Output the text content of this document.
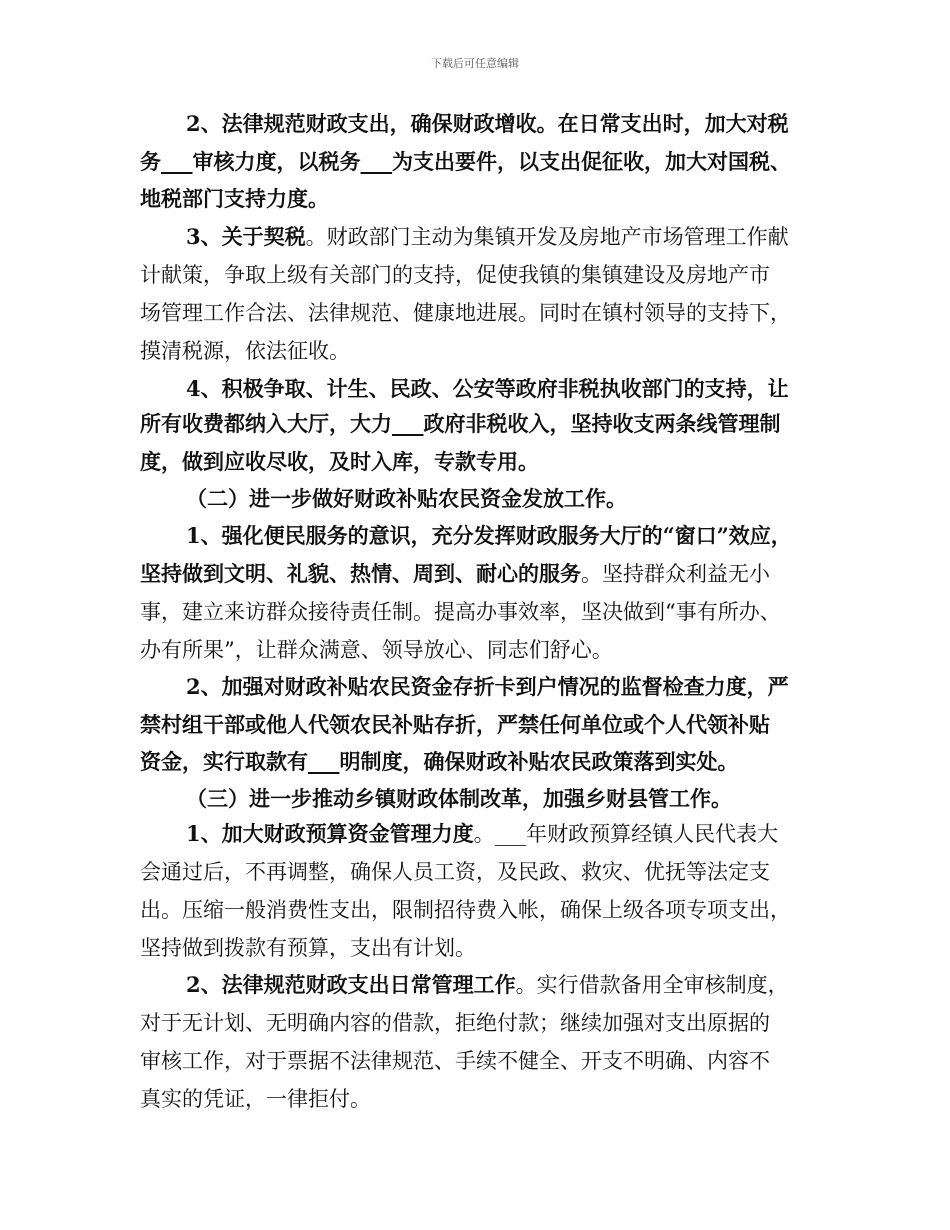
下载后可任意编辑
2、法律规范财政支出，确保财政增收。在日常支出时，加大对税
务___审核力度，以税务___为支出要件，以支出促征收，加大对国税、
地税部门支持力度。
3、关于契税。财政部门主动为集镇开发及房地产市场管理工作献
计献策，争取上级有关部门的支持，促使我镇的集镇建设及房地产市
场管理工作合法、法律规范、健康地进展。同时在镇村领导的支持下，
摸清税源，依法征收。
4、积极争取、计生、民政、公安等政府非税执收部门的支持，让
所有收费都纳入大厅，大力___政府非税收入，坚持收支两条线管理制
度，做到应收尽收，及时入库，专款专用。
（二）进一步做好财政补贴农民资金发放工作。
1、强化便民服务的意识，充分发挥财政服务大厅的“窗口”效应，
坚持做到文明、礼貌、热情、周到、耐心的服务。坚持群众利益无小
事，建立来访群众接待责任制。提高办事效率，坚决做到“事有所办、
办有所果”，让群众满意、领导放心、同志们舒心。
2、加强对财政补贴农民资金存折卡到户情况的监督检查力度，严
禁村组干部或他人代领农民补贴存折，严禁任何单位或个人代领补贴
资金，实行取款有___明制度，确保财政补贴农民政策落到实处。
（三）进一步推动乡镇财政体制改革，加强乡财县管工作。
1、加大财政预算资金管理力度。___年财政预算经镇人民代表大
会通过后，不再调整，确保人员工资，及民政、救灾、优抚等法定支
出。压缩一般消费性支出，限制招待费入帐，确保上级各项专项支出，
坚持做到拨款有预算，支出有计划。
2、法律规范财政支出日常管理工作。实行借款备用全审核制度，
对于无计划、无明确内容的借款，拒绝付款；继续加强对支出原据的
审核工作，对于票据不法律规范、手续不健全、开支不明确、内容不
真实的凭证，一律拒付。
